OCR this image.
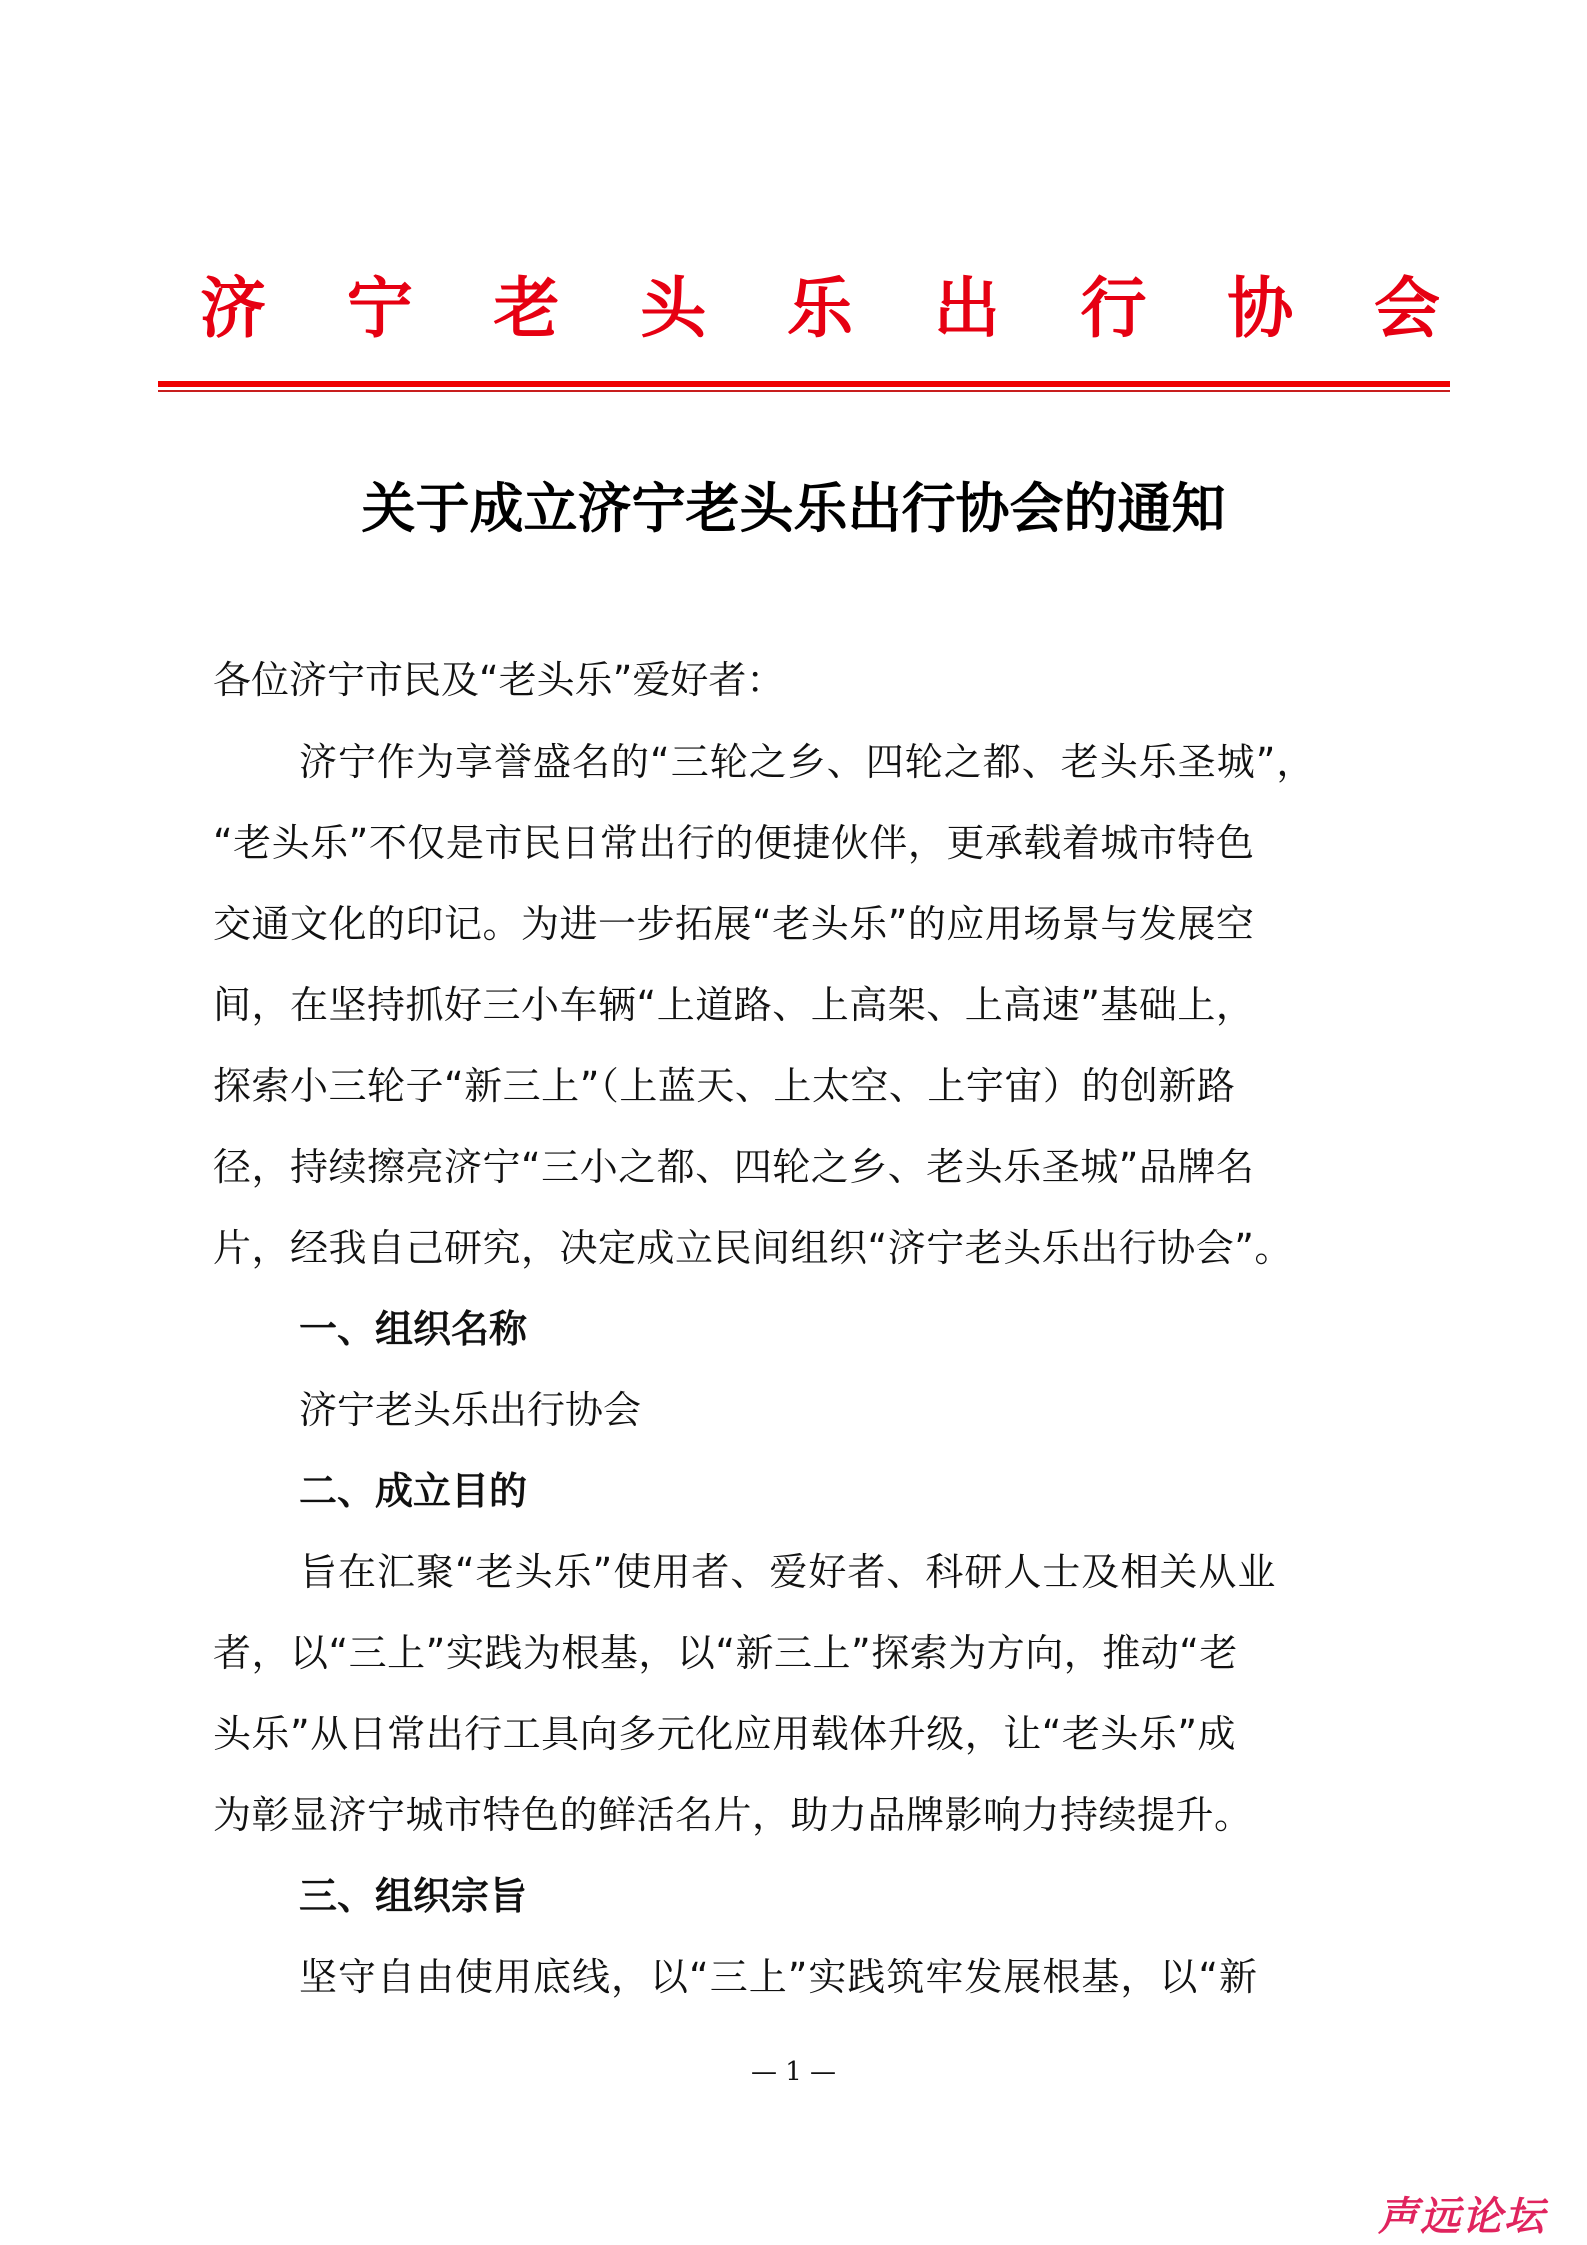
济 宁 老 头 乐 出 行 协 会
关于成立济宁老头乐出行协会的通知
各位济宁市民及“老头乐”爱好者：
济宁作为享誉盛名的“三轮之乡、四轮之都、老头乐圣城”，
“老头乐”不仅是市民日常出行的便捷伙伴，更承载着城市特色
交通文化的印记。为进一步拓展“老头乐”的应用场景与发展空
间，在坚持抓好三小车辆“上道路、上高架、上高速”基础上，
探索小三轮子“新三上”（上蓝天、上太空、上宇宙）的创新路
径，持续擦亮济宁“三小之都、四轮之乡、老头乐圣城”品牌名
片，经我自己研究，决定成立民间组织“济宁老头乐出行协会”。
一、组织名称
济宁老头乐出行协会
二、成立目的
旨在汇聚“老头乐”使用者、爱好者、科研人士及相关从业
者，以“三上”实践为根基，以“新三上”探索为方向，推动“老
头乐”从日常出行工具向多元化应用载体升级，让“老头乐”成
为彰显济宁城市特色的鲜活名片，助力品牌影响力持续提升。
三、组织宗旨
坚守自由使用底线，以“三上”实践筑牢发展根基，以“新
— 1 —
声远论坛
